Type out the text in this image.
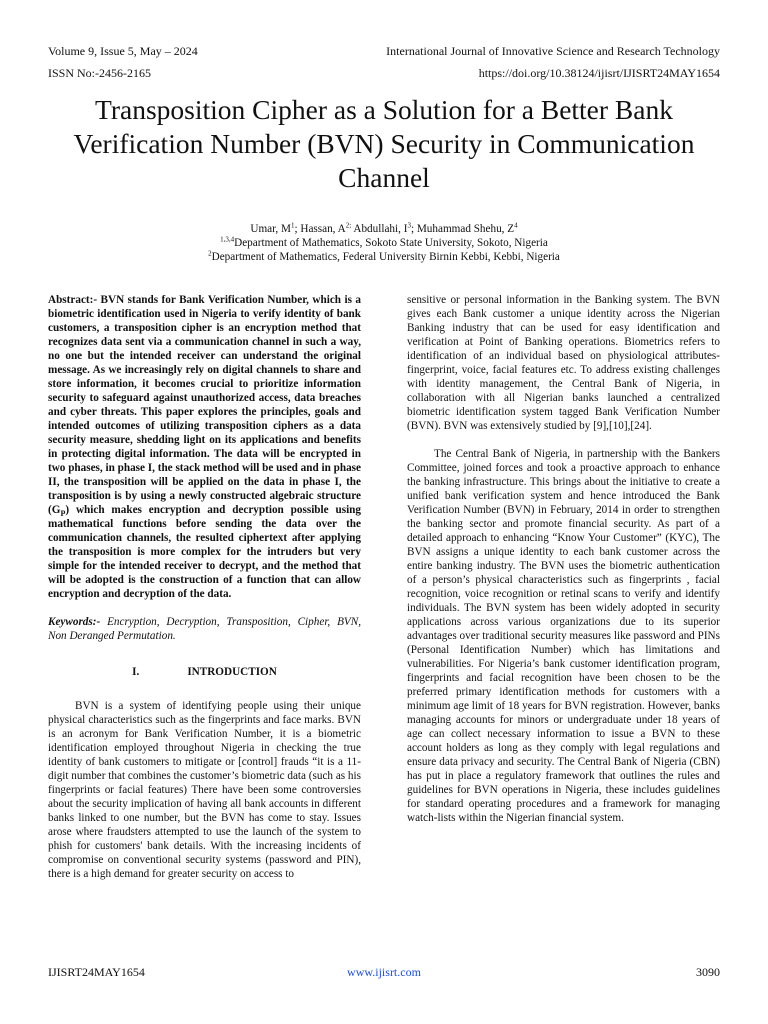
Volume 9, Issue 5, May – 2024	International Journal of Innovative Science and Research Technology
ISSN No:-2456-2165	https://doi.org/10.38124/ijisrt/IJISRT24MAY1654
Transposition Cipher as a Solution for a Better Bank Verification Number (BVN) Security in Communication Channel
Umar, $M^1$; Hassan, $A^{2;}$ Abdullahi, $I^3$; Muhammad Shehu, $Z^4$
$^{1,3,4}$Department of Mathematics, Sokoto State University, Sokoto, Nigeria
$^2$Department of Mathematics, Federal University Birnin Kebbi, Kebbi, Nigeria

Abstract:- BVN stands for Bank Verification Number, which is a biometric identification used in Nigeria to verify identity of bank customers, a transposition cipher is an encryption method that recognizes data sent via a communication channel in such a way, no one but the intended receiver can understand the original message. As we increasingly rely on digital channels to share and store information, it becomes crucial to prioritize information security to safeguard against unauthorized access, data breaches and cyber threats. This paper explores the principles, goals and intended outcomes of utilizing transposition ciphers as a data security measure, shedding light on its applications and benefits in protecting digital information. The data will be encrypted in two phases, in phase I, the stack method will be used and in phase II, the transposition will be applied on the data in phase I, the transposition is by using a newly constructed algebraic structure $(G_P)$ which makes encryption and decryption possible using mathematical functions before sending the data over the communication channels, the resulted ciphertext after applying the transposition is more complex for the intruders but very simple for the intended receiver to decrypt, and the method that will be adopted is the construction of a function that can allow encryption and decryption of the data.

Keywords:- Encryption, Decryption, Transposition, Cipher, BVN, Non Deranged Permutation.

I.	INTRODUCTION

BVN is a system of identifying people using their unique physical characteristics such as the fingerprints and face marks. BVN is an acronym for Bank Verification Number, it is a biometric identification employed throughout Nigeria in checking the true identity of bank customers to mitigate or [control] frauds “it is a 11- digit number that combines the customer’s biometric data (such as his fingerprints or facial features) There have been some controversies about the security implication of having all bank accounts in different banks linked to one number, but the BVN has come to stay. Issues arose where fraudsters attempted to use the launch of the system to phish for customers' bank details. With the increasing incidents of compromise on conventional security systems (password and PIN), there is a high demand for greater security on access to

sensitive or personal information in the Banking system. The BVN gives each Bank customer a unique identity across the Nigerian Banking industry that can be used for easy identification and verification at Point of Banking operations. Biometrics refers to identification of an individual based on physiological attributes- fingerprint, voice, facial features etc. To address existing challenges with identity management, the Central Bank of Nigeria, in collaboration with all Nigerian banks launched a centralized biometric identification system tagged Bank Verification Number (BVN). BVN was extensively studied by [9],[10],[24].

The Central Bank of Nigeria, in partnership with the Bankers Committee, joined forces and took a proactive approach to enhance the banking infrastructure. This brings about the initiative to create a unified bank verification system and hence introduced the Bank Verification Number (BVN) in February, 2014 in order to strengthen the banking sector and promote financial security. As part of a detailed approach to enhancing “Know Your Customer” (KYC), The BVN assigns a unique identity to each bank customer across the entire banking industry. The BVN uses the biometric authentication of a person’s physical characteristics such as fingerprints , facial recognition, voice recognition or retinal scans to verify and identify individuals. The BVN system has been widely adopted in security applications across various organizations due to its superior advantages over traditional security measures like password and PINs (Personal Identification Number) which has limitations and vulnerabilities. For Nigeria’s bank customer identification program, fingerprints and facial recognition have been chosen to be the preferred primary identification methods for customers with a minimum age limit of 18 years for BVN registration. However, banks managing accounts for minors or undergraduate under 18 years of age can collect necessary information to issue a BVN to these account holders as long as they comply with legal regulations and ensure data privacy and security. The Central Bank of Nigeria (CBN) has put in place a regulatory framework that outlines the rules and guidelines for BVN operations in Nigeria, these includes guidelines for standard operating procedures and a framework for managing watch-lists within the Nigerian financial system.

IJISRT24MAY1654	www.ijisrt.com	3090
